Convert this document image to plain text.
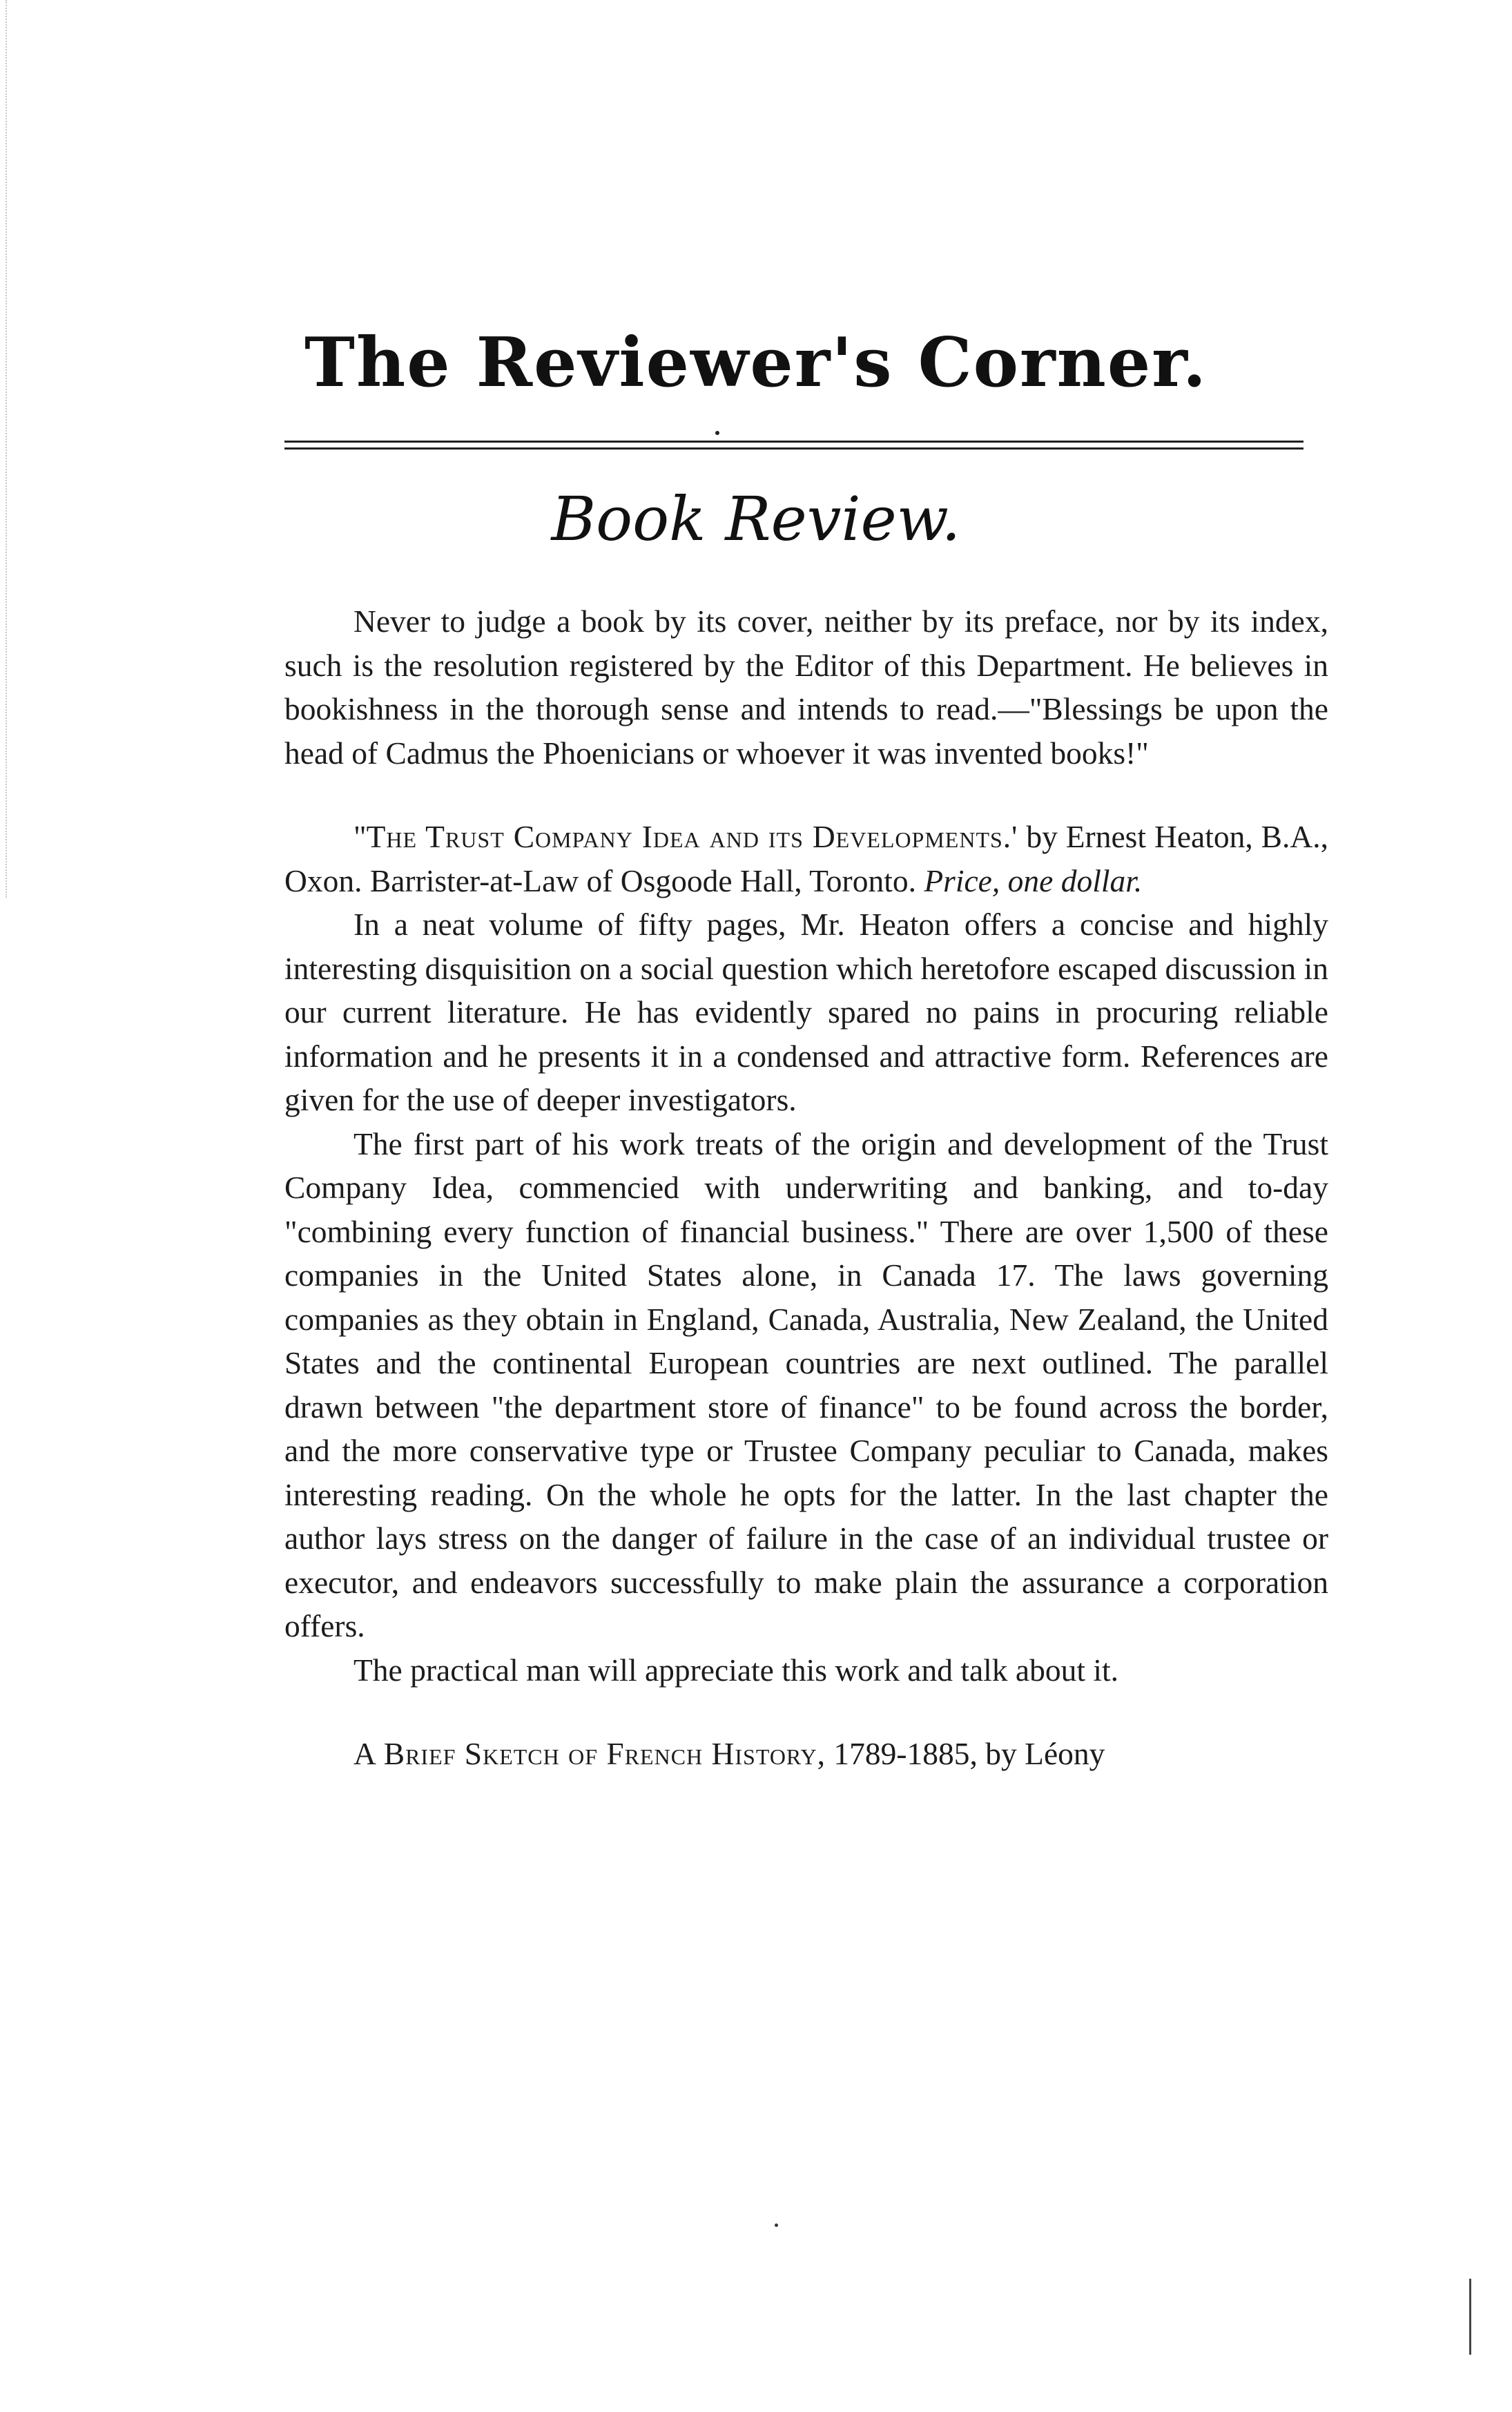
The Reviewer's Corner.
Book Review.

Never to judge a book by its cover, neither by its preface, nor by its index, such is the resolution registered by the Editor of this Department. He believes in bookishness in the thorough sense and intends to read.—"Blessings be upon the head of Cadmus the Phoenicians or whoever it was invented books!"

"The Trust Company Idea and its Developments.' by Ernest Heaton, B.A., Oxon. Barrister-at-Law of Osgoode Hall, Toronto. Price, one dollar.

In a neat volume of fifty pages, Mr. Heaton offers a concise and highly interesting disquisition on a social question which heretofore escaped discussion in our current literature. He has evidently spared no pains in procuring reliable information and he presents it in a condensed and attractive form. References are given for the use of deeper investigators.

The first part of his work treats of the origin and development of the Trust Company Idea, commencied with underwriting and banking, and to-day "combining every function of financial business." There are over 1,500 of these companies in the United States alone, in Canada 17. The laws governing companies as they obtain in England, Canada, Australia, New Zealand, the United States and the continental European countries are next outlined. The parallel drawn between "the department store of finance" to be found across the border, and the more conservative type or Trustee Company peculiar to Canada, makes interesting reading. On the whole he opts for the latter. In the last chapter the author lays stress on the danger of failure in the case of an individual trustee or executor, and endeavors successfully to make plain the assurance a corporation offers.

The practical man will appreciate this work and talk about it.

A Brief Sketch of French History, 1789-1885, by Léony
